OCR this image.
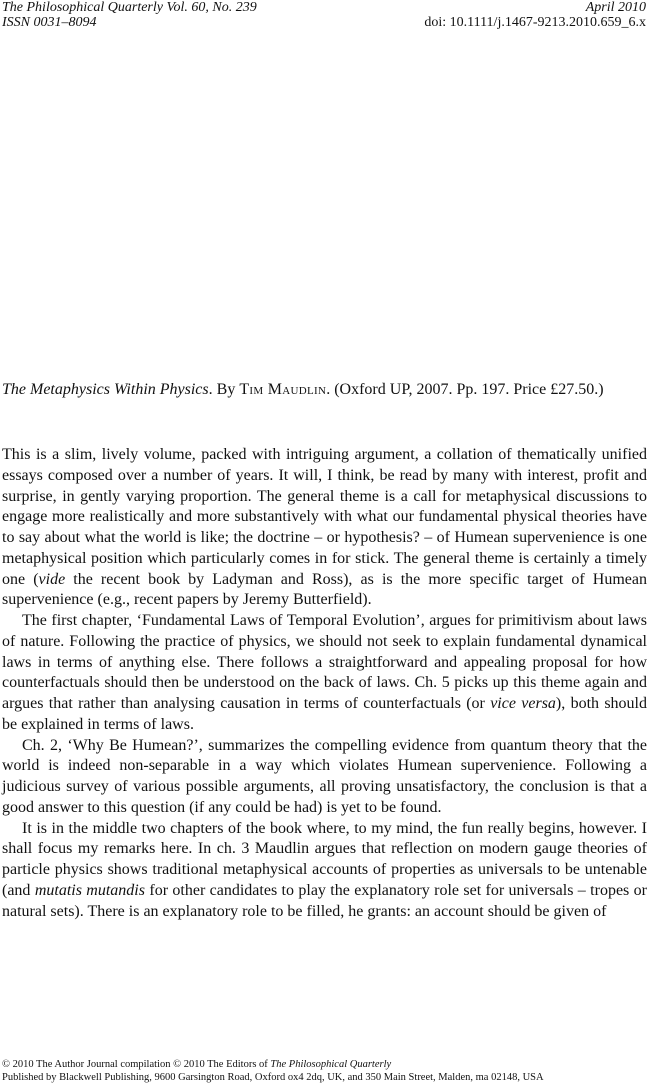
The Philosophical Quarterly Vol. 60, No. 239	April 2010
ISSN 0031–8094	doi: 10.1111/j.1467-9213.2010.659_6.x
The Metaphysics Within Physics. By Tim Maudlin. (Oxford UP, 2007. Pp. 197. Price £27.50.)

This is a slim, lively volume, packed with intriguing argument, a collation of thematically unified essays composed over a number of years. It will, I think, be read by many with interest, profit and surprise, in gently varying proportion. The general theme is a call for metaphysical discussions to engage more realistically and more substantively with what our fundamental physical theories have to say about what the world is like; the doctrine – or hypothesis? – of Humean supervenience is one metaphysical position which particularly comes in for stick. The general theme is certainly a timely one (vide the recent book by Ladyman and Ross), as is the more specific target of Humean supervenience (e.g., recent papers by Jeremy Butterfield).

The first chapter, ‘Fundamental Laws of Temporal Evolution’, argues for primitivism about laws of nature. Following the practice of physics, we should not seek to explain fundamental dynamical laws in terms of anything else. There follows a straightforward and appealing proposal for how counterfactuals should then be understood on the back of laws. Ch. 5 picks up this theme again and argues that rather than analysing causation in terms of counterfactuals (or vice versa), both should be explained in terms of laws.

Ch. 2, ‘Why Be Humean?’, summarizes the compelling evidence from quantum theory that the world is indeed non-separable in a way which violates Humean supervenience. Following a judicious survey of various possible arguments, all proving unsatisfactory, the conclusion is that a good answer to this question (if any could be had) is yet to be found.

It is in the middle two chapters of the book where, to my mind, the fun really begins, however. I shall focus my remarks here. In ch. 3 Maudlin argues that reflection on modern gauge theories of particle physics shows traditional metaphysical accounts of properties as universals to be untenable (and mutatis mutandis for other candidates to play the explanatory role set for universals – tropes or natural sets). There is an explanatory role to be filled, he grants: an account should be given of

© 2010 The Author Journal compilation © 2010 The Editors of The Philosophical Quarterly
Published by Blackwell Publishing, 9600 Garsington Road, Oxford ox4 2dq, UK, and 350 Main Street, Malden, ma 02148, USA
